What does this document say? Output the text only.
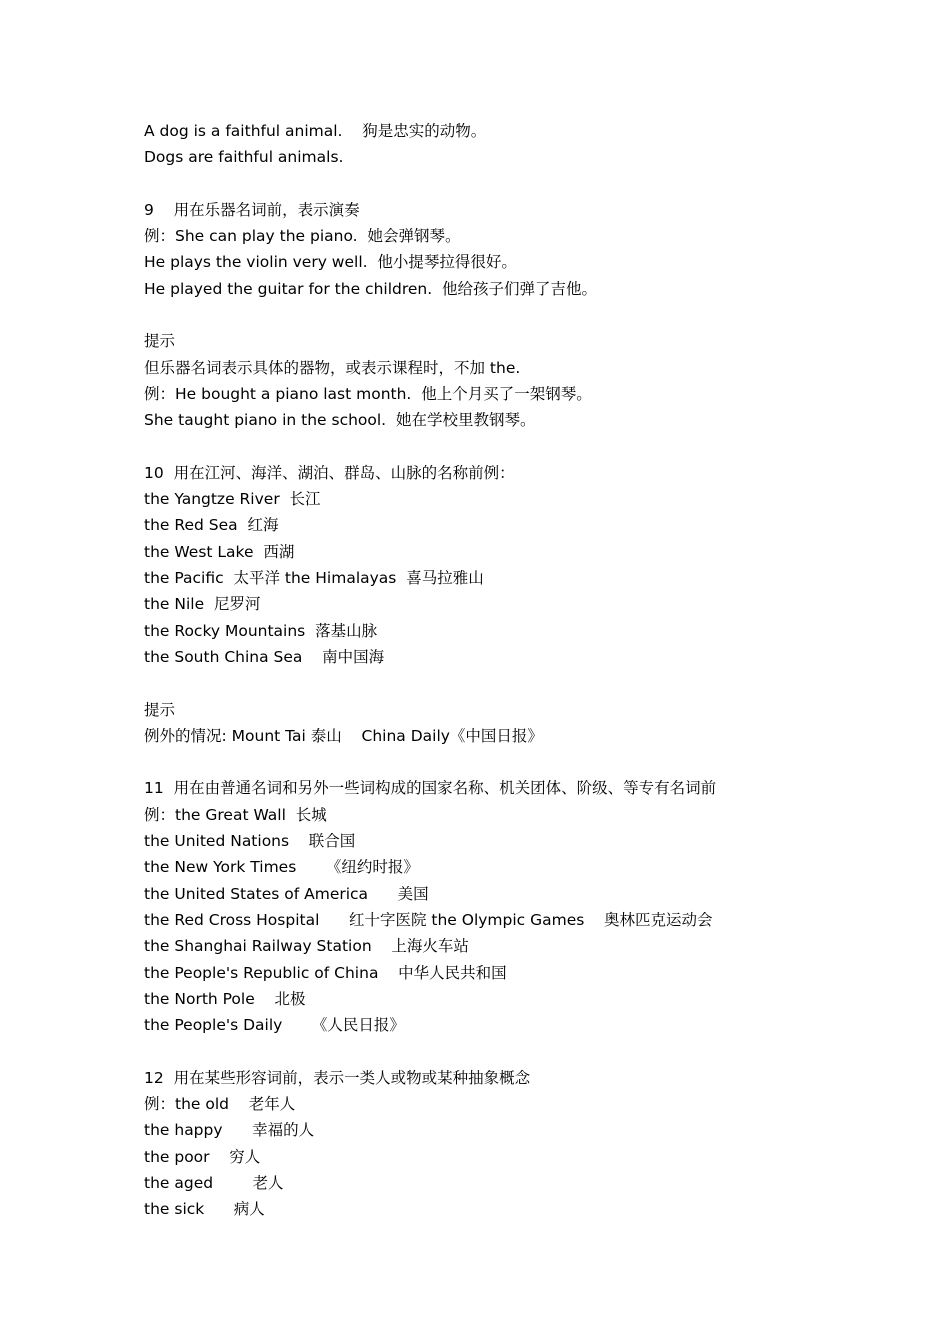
A dog is a faithful animal.    狗是忠实的动物。
Dogs are faithful animals.
9    用在乐器名词前，表示演奏
例：She can play the piano.  她会弹钢琴。
He plays the violin very well.  他小提琴拉得很好。
He played the guitar for the children.  他给孩子们弹了吉他。
提示
但乐器名词表示具体的器物，或表示课程时，不加 the.
例：He bought a piano last month.  他上个月买了一架钢琴。
She taught piano in the school.  她在学校里教钢琴。
10  用在江河、海洋、湖泊、群岛、山脉的名称前例：
the Yangtze River  长江
the Red Sea  红海
the West Lake  西湖
the Pacific  太平洋 the Himalayas  喜马拉雅山
the Nile  尼罗河
the Rocky Mountains  落基山脉
the South China Sea    南中国海
提示
例外的情况: Mount Tai 泰山    China Daily《中国日报》
11  用在由普通名词和另外一些词构成的国家名称、机关团体、阶级、等专有名词前
例：the Great Wall  长城
the United Nations    联合国
the New York Times      《纽约时报》
the United States of America      美国
the Red Cross Hospital      红十字医院 the Olympic Games    奥林匹克运动会
the Shanghai Railway Station    上海火车站
the People's Republic of China    中华人民共和国
the North Pole    北极
the People's Daily      《人民日报》
12  用在某些形容词前，表示一类人或物或某种抽象概念
例：the old    老年人
the happy      幸福的人
the poor    穷人
the aged        老人
the sick      病人
